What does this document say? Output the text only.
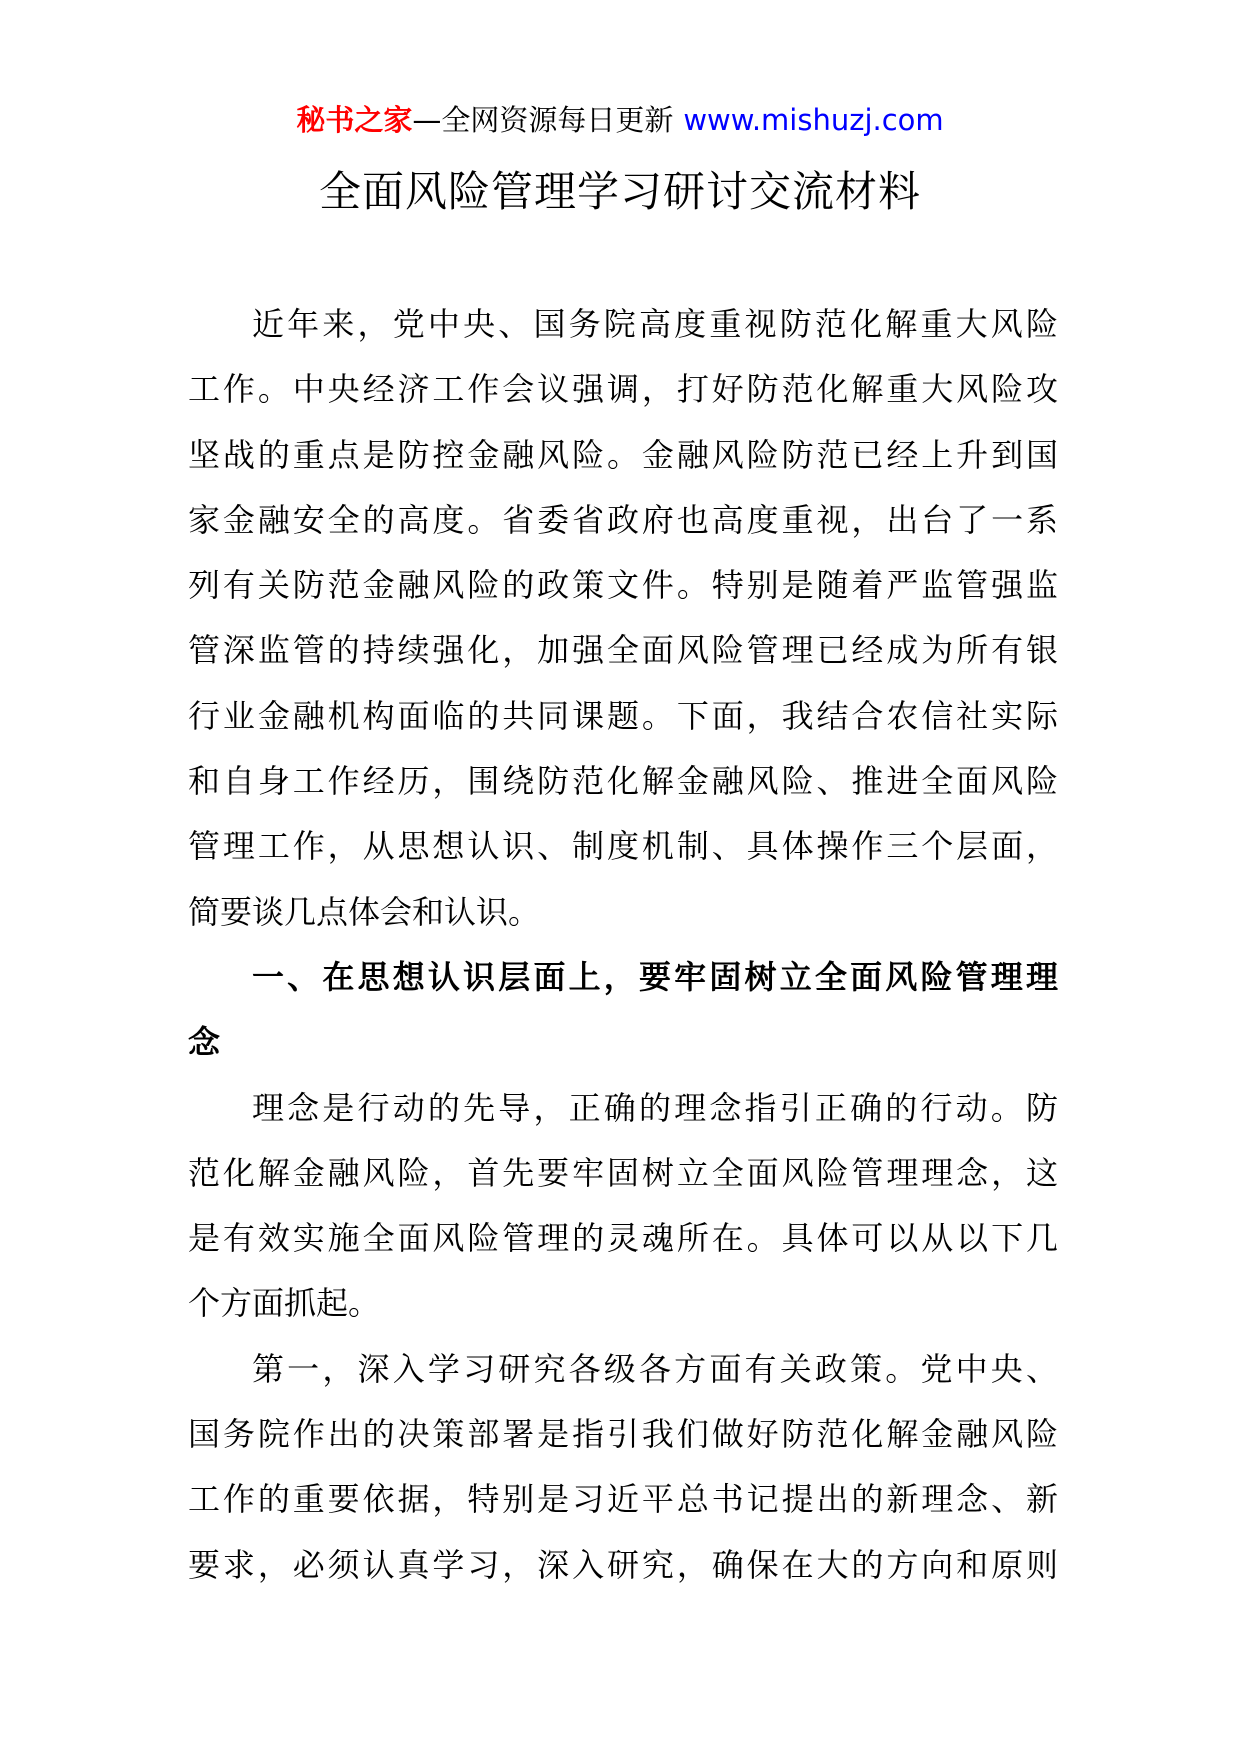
秘书之家—全网资源每日更新 www.mishuzj.com
全面风险管理学习研讨交流材料
近年来，党中央、国务院高度重视防范化解重大风险
工作。中央经济工作会议强调，打好防范化解重大风险攻
坚战的重点是防控金融风险。金融风险防范已经上升到国
家金融安全的高度。省委省政府也高度重视，出台了一系
列有关防范金融风险的政策文件。特别是随着严监管强监
管深监管的持续强化，加强全面风险管理已经成为所有银
行业金融机构面临的共同课题。下面，我结合农信社实际
和自身工作经历，围绕防范化解金融风险、推进全面风险
管理工作，从思想认识、制度机制、具体操作三个层面，
简要谈几点体会和认识。
一、在思想认识层面上，要牢固树立全面风险管理理
念
理念是行动的先导，正确的理念指引正确的行动。防
范化解金融风险，首先要牢固树立全面风险管理理念，这
是有效实施全面风险管理的灵魂所在。具体可以从以下几
个方面抓起。
第一，深入学习研究各级各方面有关政策。党中央、
国务院作出的决策部署是指引我们做好防范化解金融风险
工作的重要依据，特别是习近平总书记提出的新理念、新
要求，必须认真学习，深入研究，确保在大的方向和原则
